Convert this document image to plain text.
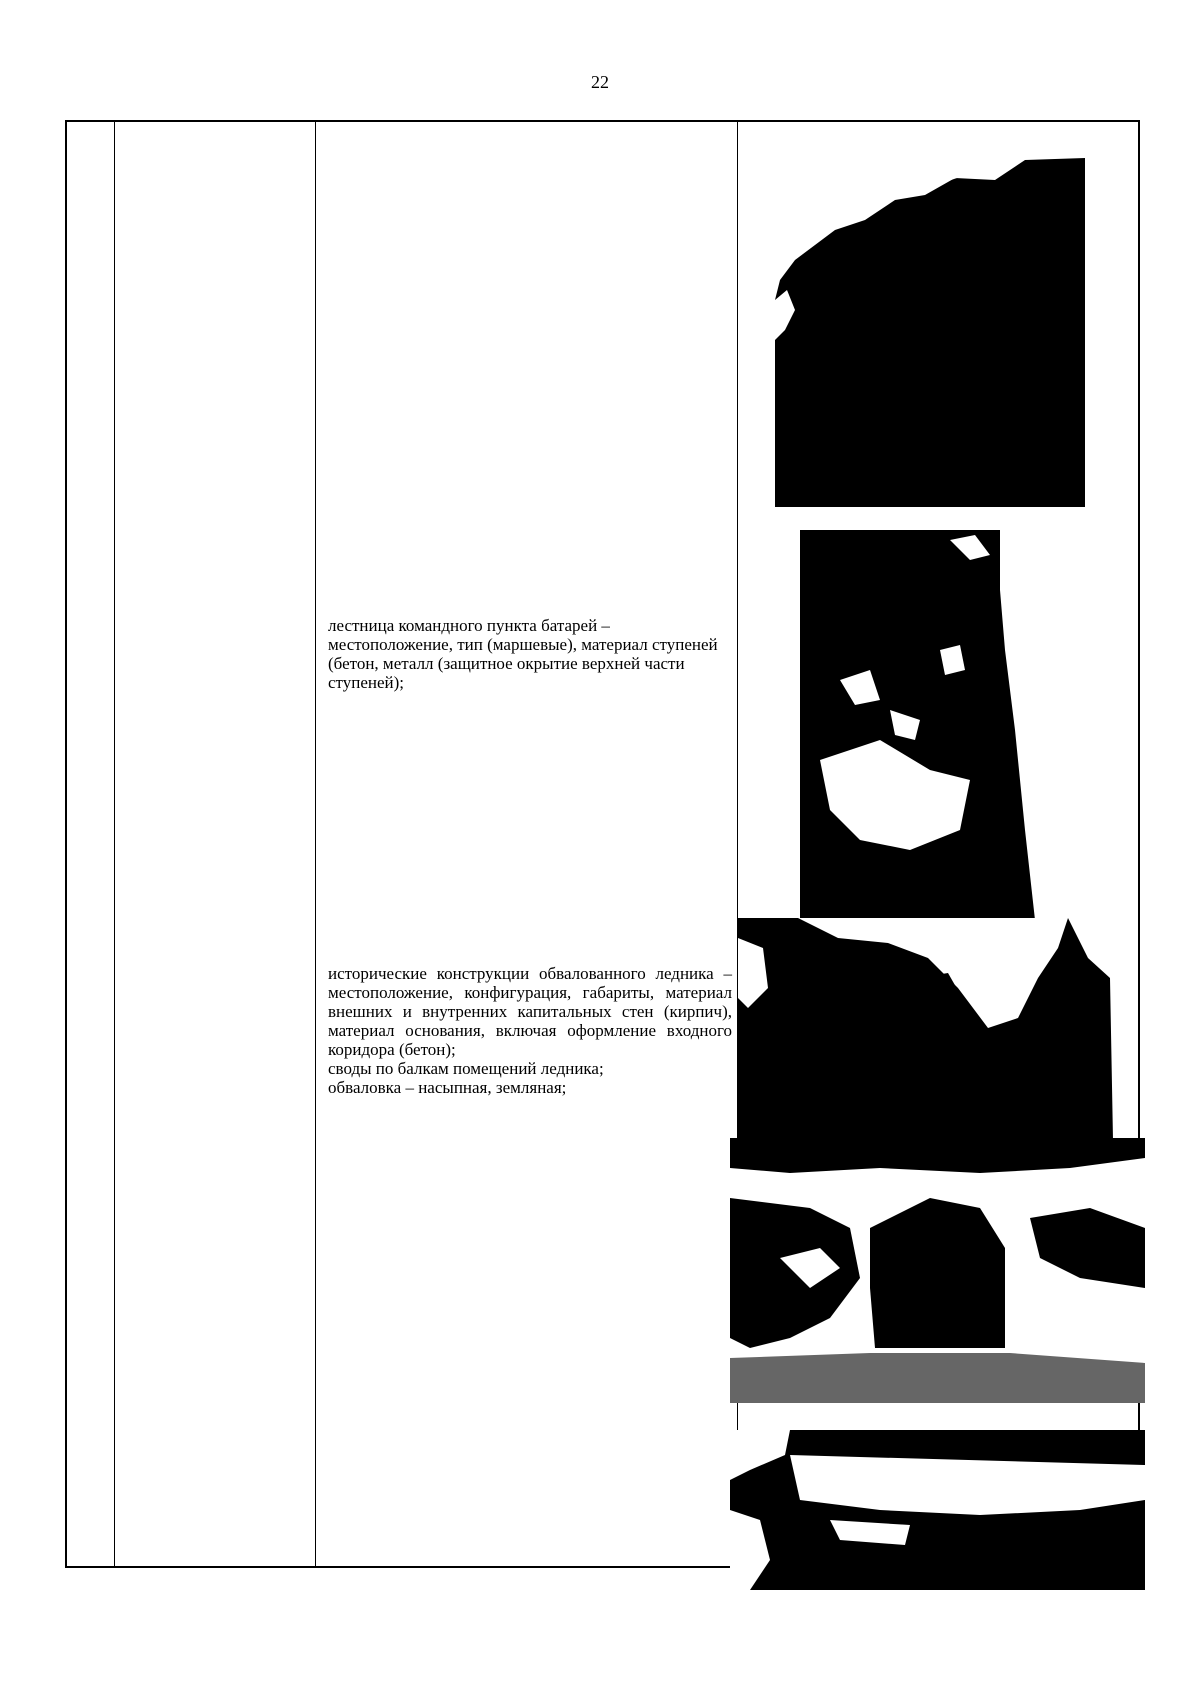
22

лестница командного пункта батарей – местоположение, тип (маршевые), материал ступеней (бетон, металл (защитное окрытие верхней части ступеней);

исторические конструкции обвалованного ледника – местоположение, конфигурация, габариты, материал внешних и внутренних капитальных стен (кирпич), материал основания, включая оформление входного коридора (бетон);

своды по балкам помещений ледника;

обваловка – насыпная, земляная;
